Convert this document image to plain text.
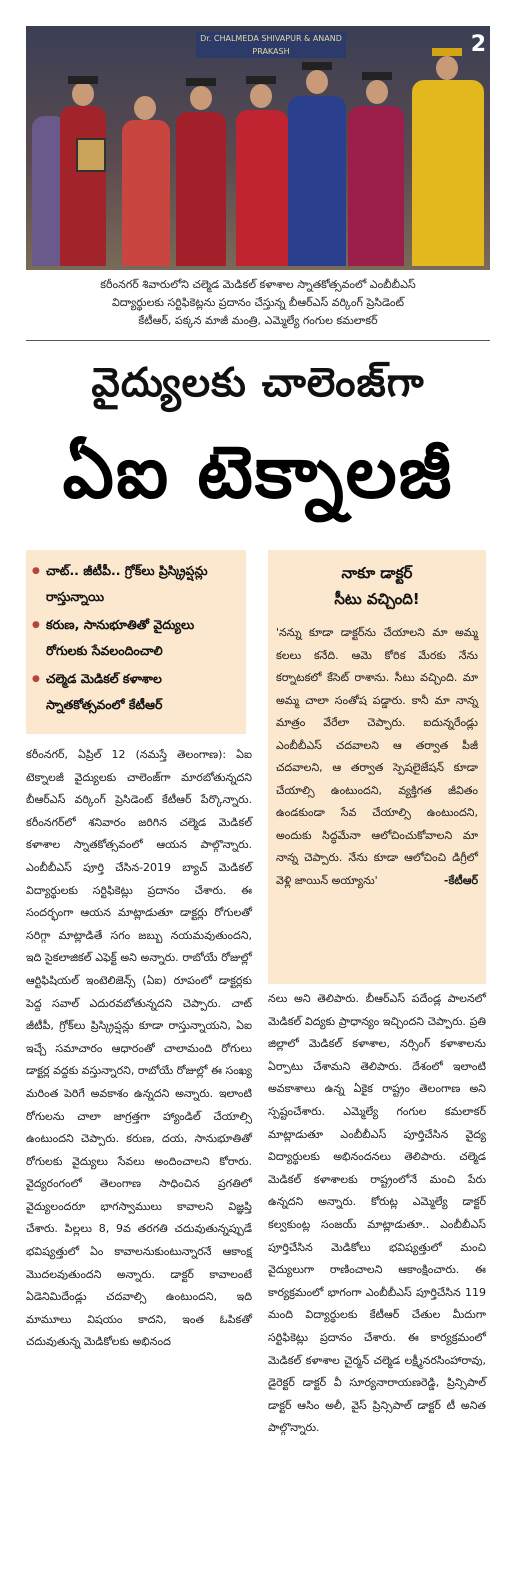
Dr. CHALMEDA SHIVAPUR & ANAND PRAKASH	2
కరీంనగర్ శివారులోని చల్మెడ మెడికల్ కళాశాల స్నాతకోత్సవంలో ఎంబీబీఎస్
విద్యార్థులకు సర్టిఫికెట్లను ప్రదానం చేస్తున్న బీఆర్ఎస్ వర్కింగ్ ప్రెసిడెంట్
కేటీఆర్, పక్కన మాజీ మంత్రి, ఎమ్మెల్యే గంగుల కమలాకర్
వైద్యులకు చాలెంజ్‌గా
ఏఐ టెక్నాలజీ
● చాట్.. జీటీపీ.. గ్రోక్‌లు ప్రిస్క్రిప్షన్లు రాస్తున్నాయి
● కరుణ, సానుభూతితో వైద్యులు రోగులకు సేవలందించాలి
● చల్మెడ మెడికల్ కళాశాల స్నాతకోత్సవంలో కేటీఆర్
నాకూ డాక్టర్
సీటు వచ్చింది!
'నన్ను కూడా డాక్టర్‌ను చేయాలని మా అమ్మ కలలు కనేది. ఆమె కోరిక మేరకు నేను కర్నాటకలో కేసెట్ రాశాను. సీటు వచ్చింది. మా అమ్మ చాలా సంతోష పడ్డారు. కానీ మా నాన్న మాత్రం వేరేలా చెప్పారు. ఐదున్నరేండ్లు ఎంబీబీఎస్ చదవాలని ఆ తర్వాత పీజీ చదవాలని, ఆ తర్వాత స్పెషలైజేషన్ కూడా చేయాల్సి ఉంటుందని, వ్యక్తిగత జీవితం ఉండకుండా సేవ చేయాల్సి ఉంటుందని, అందుకు సిద్ధమేనా ఆలోచించుకోవాలని మా నాన్న చెప్పారు. నేను కూడా ఆలోచించి డిగ్రీలో వెళ్లి జాయిన్ అయ్యాను'	-కేటీఆర్
కరీంనగర్, ఏప్రిల్ 12 (నమస్తే తెలంగాణ): ఏఐ టెక్నాలజీ వైద్యులకు చాలెంజ్‌గా మారబోతున్నదని బీఆర్ఎస్ వర్కింగ్ ప్రెసిడెంట్ కేటీఆర్ పేర్కొన్నారు. కరీంనగర్‌లో శనివారం జరిగిన చల్మెడ మెడికల్ కళాశాల స్నాతకోత్సవంలో ఆయన పాల్గొన్నారు. ఎంబీబీఎస్ పూర్తి చేసిన-2019 బ్యాచ్ మెడికల్ విద్యార్థులకు సర్టిఫికెట్లు ప్రదానం చేశారు. ఈ సందర్భంగా ఆయన మాట్లాడుతూ డాక్టర్లు రోగులతో సరిగ్గా మాట్లాడితే సగం జబ్బు నయమవుతుందని, ఇది సైకలాజికల్ ఎఫెక్ట్ అని అన్నారు. రాబోయే రోజుల్లో ఆర్టిఫిషియల్ ఇంటెలిజెన్స్ (ఏఐ) రూపంలో డాక్టర్లకు పెద్ద సవాల్ ఎదురవబోతున్నదని చెప్పారు. చాట్ జీటీపీ, గ్రోక్‌లు ప్రిస్క్రిప్షన్లు కూడా రాస్తున్నాయని, ఏఐ ఇచ్చే సమాచారం ఆధారంతో చాలామంది రోగులు డాక్టర్ల వద్దకు వస్తున్నారని, రాబోయే రోజుల్లో ఈ సంఖ్య మరింత పెరిగే అవకాశం ఉన్నదని అన్నారు. ఇలాంటి రోగులను చాలా జాగ్రత్తగా హ్యాండిల్ చేయాల్సి ఉంటుందని చెప్పారు. కరుణ, దయ, సానుభూతితో రోగులకు వైద్యులు సేవలు అందించాలని కోరారు. వైద్యరంగంలో తెలంగాణ సాధించిన ప్రగతిలో వైద్యులందరూ భాగస్వాములు కావాలని విజ్ఞప్తి చేశారు. పిల్లలు 8, 9వ తరగతి చదువుతున్నప్పుడే భవిష్యత్తులో ఏం కావాలనుకుంటున్నారనే ఆకాంక్ష మొదలవుతుందని అన్నారు. డాక్టర్ కావాలంటే ఏడెనిమిదేండ్లు చదవాల్సి ఉంటుందని, ఇది మామూలు విషయం కాదని, ఇంత ఓపికతో చదువుతున్న మెడికోలకు అభినంద
నలు అని తెలిపారు. బీఆర్ఎస్ పదేండ్ల పాలనలో మెడికల్ విద్యకు ప్రాధాన్యం ఇచ్చిందని చెప్పారు. ప్రతి జిల్లాలో మెడికల్ కళాశాల, నర్సింగ్ కళాశాలను ఏర్పాటు చేశామని తెలిపారు. దేశంలో ఇలాంటి అవకాశాలు ఉన్న ఏకైక రాష్ట్రం తెలంగాణ అని స్పష్టంచేశారు. ఎమ్మెల్యే గంగుల కమలాకర్ మాట్లాడుతూ ఎంబీబీఎస్ పూర్తిచేసిన వైద్య విద్యార్థులకు అభినందనలు తెలిపారు. చల్మెడ మెడికల్ కళాశాలకు రాష్ట్రంలోనే మంచి పేరు ఉన్నదని అన్నారు. కోరుట్ల ఎమ్మెల్యే డాక్టర్ కల్వకుంట్ల సంజయ్ మాట్లాడుతూ.. ఎంబీబీఎస్ పూర్తిచేసిన మెడికోలు భవిష్యత్తులో మంచి వైద్యులుగా రాణించాలని ఆకాంక్షించారు. ఈ కార్యక్రమంలో భాగంగా ఎంబీబీఎస్ పూర్తిచేసిన 119 మంది విద్యార్థులకు కేటీఆర్ చేతుల మీదుగా సర్టిఫికెట్లు ప్రదానం చేశారు. ఈ కార్యక్రమంలో మెడికల్ కళాశాల చైర్మన్ చల్మెడ లక్ష్మీనరసింహారావు, డైరెక్టర్ డాక్టర్ వీ సూర్యనారాయణరెడ్డి, ప్రిన్సిపాల్ డాక్టర్ ఆసిం అలీ, వైస్ ప్రిన్సిపాల్ డాక్టర్ టీ అనిత పాల్గొన్నారు.
